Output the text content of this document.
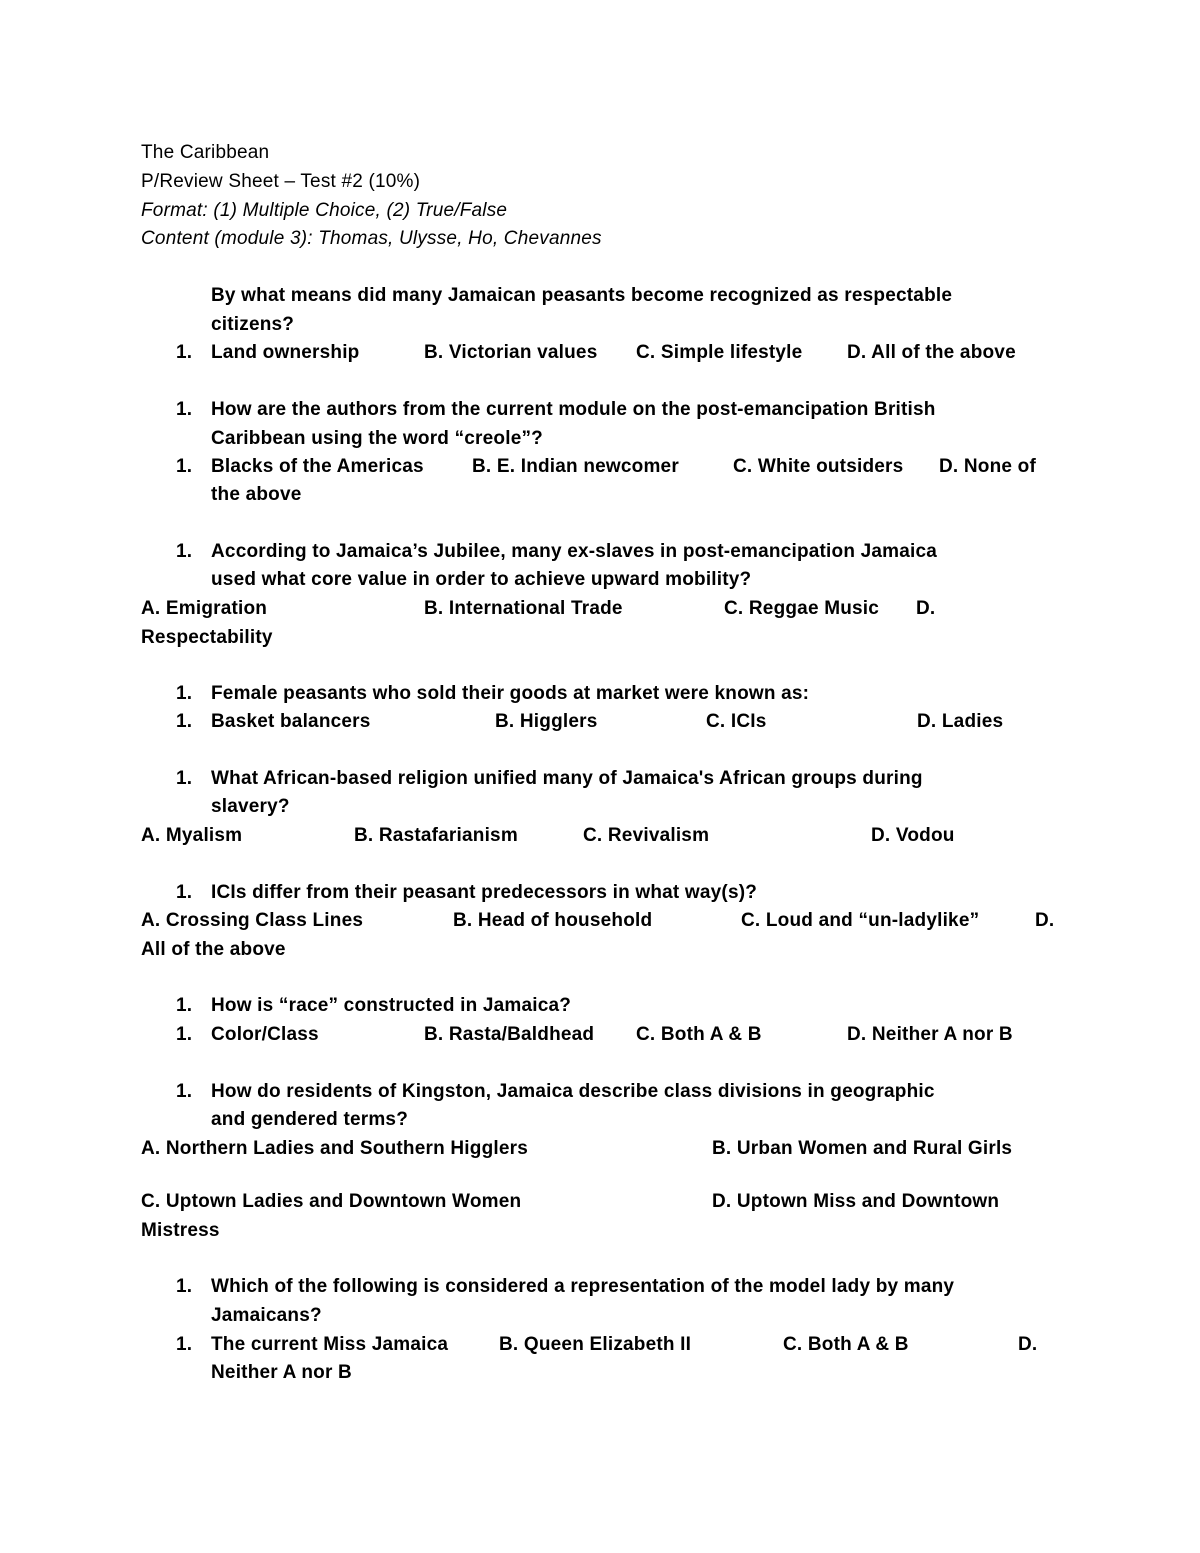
The Caribbean
P/Review Sheet – Test #2 (10%)
Format: (1) Multiple Choice, (2) True/False
Content (module 3): Thomas, Ulysse, Ho, Chevannes
By what means did many Jamaican peasants become recognized as respectable
citizens?
1. Land ownership	B. Victorian values C. Simple lifestyle D. All of the above
1. How are the authors from the current module on the post-emancipation British
Caribbean using the word “creole”?
1. Blacks of the Americas	B. E. Indian newcomer	C. White outsiders D. None of
the above
1. According to Jamaica’s Jubilee, many ex-slaves in post-emancipation Jamaica
used what core value in order to achieve upward mobility?
A. Emigration	B. International Trade	C. Reggae Music D.
Respectability
1. Female peasants who sold their goods at market were known as:
1. Basket balancers	B. Higglers	C. ICIs	D. Ladies
1. What African-based religion unified many of Jamaica's African groups during
slavery?
A. Myalism	B. Rastafarianism	C. Revivalism	D. Vodou
1. ICIs differ from their peasant predecessors in what way(s)?
A. Crossing Class Lines	B. Head of household	C. Loud and “un-ladylike”	D.
All of the above
1. How is “race” constructed in Jamaica?
1. Color/Class	B. Rasta/Baldhead C. Both A & B	D. Neither A nor B
1. How do residents of Kingston, Jamaica describe class divisions in geographic
and gendered terms?
A. Northern Ladies and Southern Higglers	B. Urban Women and Rural Girls
C. Uptown Ladies and Downtown Women	D. Uptown Miss and Downtown
Mistress
1. Which of the following is considered a representation of the model lady by many
Jamaicans?
1. The current Miss Jamaica	B. Queen Elizabeth II	C. Both A & B	D.
Neither A nor B
